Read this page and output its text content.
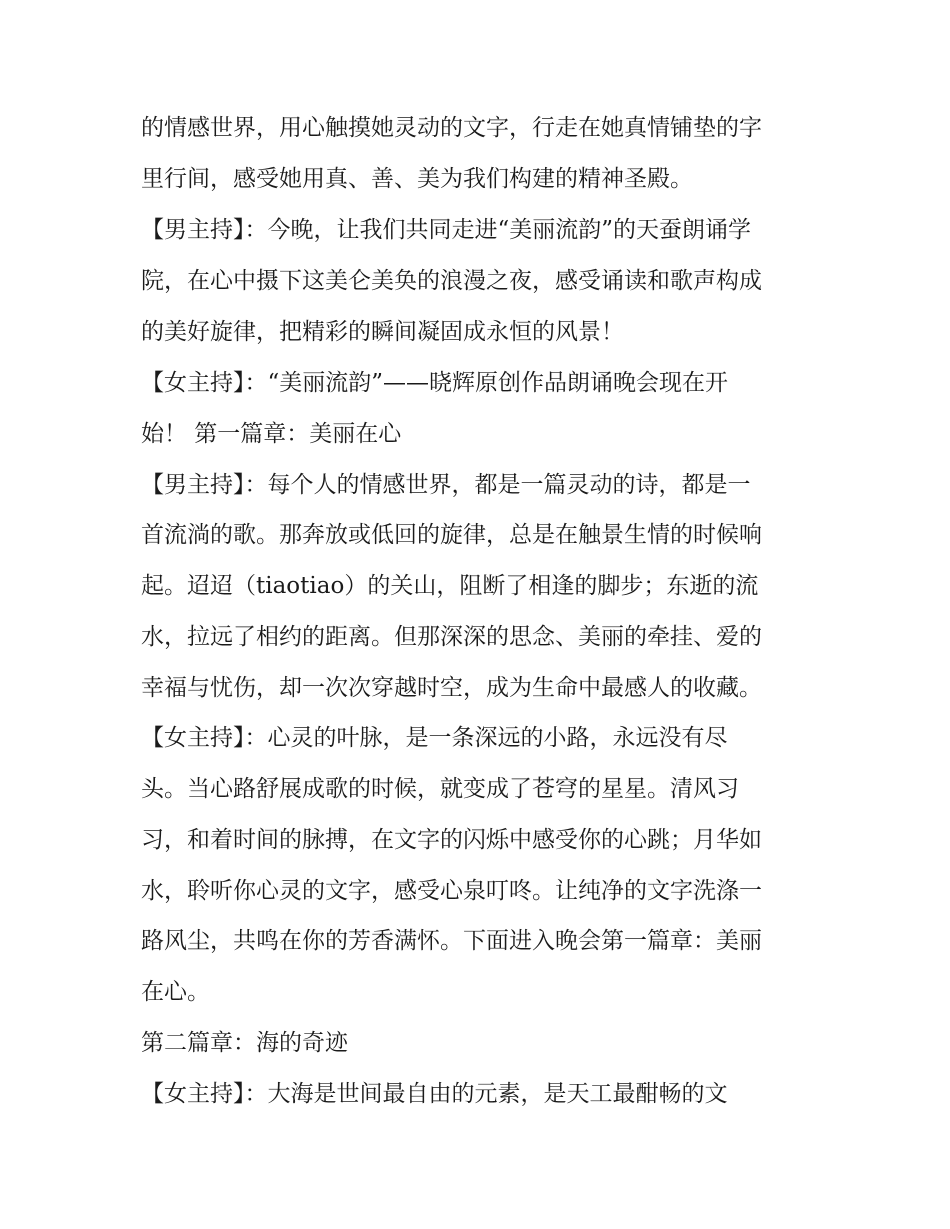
的情感世界，用心触摸她灵动的文字，行走在她真情铺垫的字
里行间，感受她用真、善、美为我们构建的精神圣殿。
【男主持】：今晚，让我们共同走进“美丽流韵”的天蚕朗诵学
院，在心中摄下这美仑美奂的浪漫之夜，感受诵读和歌声构成
的美好旋律，把精彩的瞬间凝固成永恒的风景！
【女主持】：“美丽流韵”——晓辉原创作品朗诵晚会现在开
始！ 第一篇章：美丽在心
【男主持】：每个人的情感世界，都是一篇灵动的诗，都是一
首流淌的歌。那奔放或低回的旋律，总是在触景生情的时候响
起。迢迢（tiaotiao）的关山，阻断了相逢的脚步；东逝的流
水，拉远了相约的距离。但那深深的思念、美丽的牵挂、爱的
幸福与忧伤，却一次次穿越时空，成为生命中最感人的收藏。
【女主持】：心灵的叶脉，是一条深远的小路，永远没有尽
头。当心路舒展成歌的时候，就变成了苍穹的星星。清风习
习，和着时间的脉搏，在文字的闪烁中感受你的心跳；月华如
水，聆听你心灵的文字，感受心泉叮咚。让纯净的文字洗涤一
路风尘，共鸣在你的芳香满怀。下面进入晚会第一篇章：美丽
在心。
第二篇章：海的奇迹
【女主持】：大海是世间最自由的元素，是天工最酣畅的文
